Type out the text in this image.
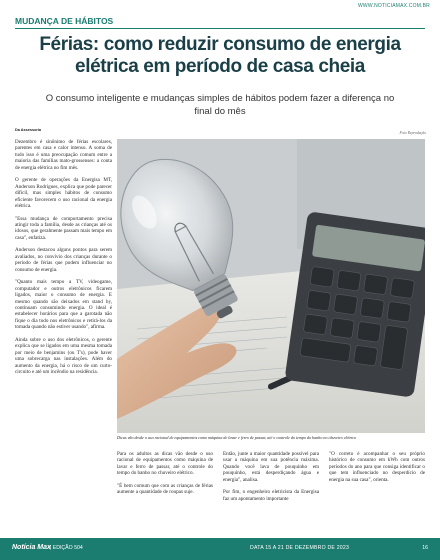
WWW.NOTICIAMAX.COM.BR
MUDANÇA DE HÁBITOS
Férias: como reduzir consumo de energia elétrica em período de casa cheia
O consumo inteligente e mudanças simples de hábitos podem fazer a diferença no final do mês
Da Assessoria
Foto Reprodução

Dezembro é sinônimo de férias escolares, parentes em casa e calor intenso. A soma de tudo isso é uma preocupação comum entre a maioria das famílias mato-grossenses: a conta de energia elétrica no fim mês.

O gerente de operações da Energisa MT, Anderson Rodrigues, explica que pode parecer difícil, mas simples hábitos de consumo eficiente favorecem o uso racional da energia elétrica.

"Essa mudança de comportamento precisa atingir toda a família, desde as crianças até os idosos, que geralmente passam mais tempo em casa", enfatiza.

Anderson destacou alguns pontos para serem avaliados, no convívio dos crianças durante o período de férias que podem influenciar no consumo de energia.

"Quanto mais tempo a TV, videogame, computador e outros eletrônicos ficarem ligados, maior o consumo de energia. E mesmo quando são deixados em stand by, continuam consumindo energia. O ideal é estabelecer horários para que a garotada não fique o dia todo nos eletrônicos e retirá-los da tomada quando não estiver usando", afirma.

Ainda sobre o uso dos eletrônicos, o gerente explica que se ligados em uma mesma tomada por meio de benjamins (ou T's), pode haver uma sobrecarga nas instalações. Além do aumento da energia, há o risco de um curto-circuito e até um incêndio na residência.

Dicas vão desde o uso racional de equipamentos como máquina de lavar e ferro de passar, até o controle do tempo do banho no chuveiro elétrico

Para os adultos as dicas vão desde o uso racional de equipamentos como máquina de lavar e ferro de passar, até o controle do tempo do banho no chuveiro elétrico.

"É bem comum que com as crianças de férias aumente a quantidade de roupas suje.

Então, junte a maior quantidade possível para usar a máquina em sua potência máxima. Quando você lava de pouquinho em pouquinho, está desperdiçando água e energia", analisa.

Por fim, o engenheiro eletricista da Energisa faz um apontamento importante

"O correto é acompanhar o seu próprio histórico de consumo em kWh com outros períodos do ano para que consiga identificar o que tem influenciado no desperdício de energia na sua casa", orienta.

Notícia Max | EDIÇÃO 504	DATA 15 A 21 DE DEZEMBRO DE 2023	16
